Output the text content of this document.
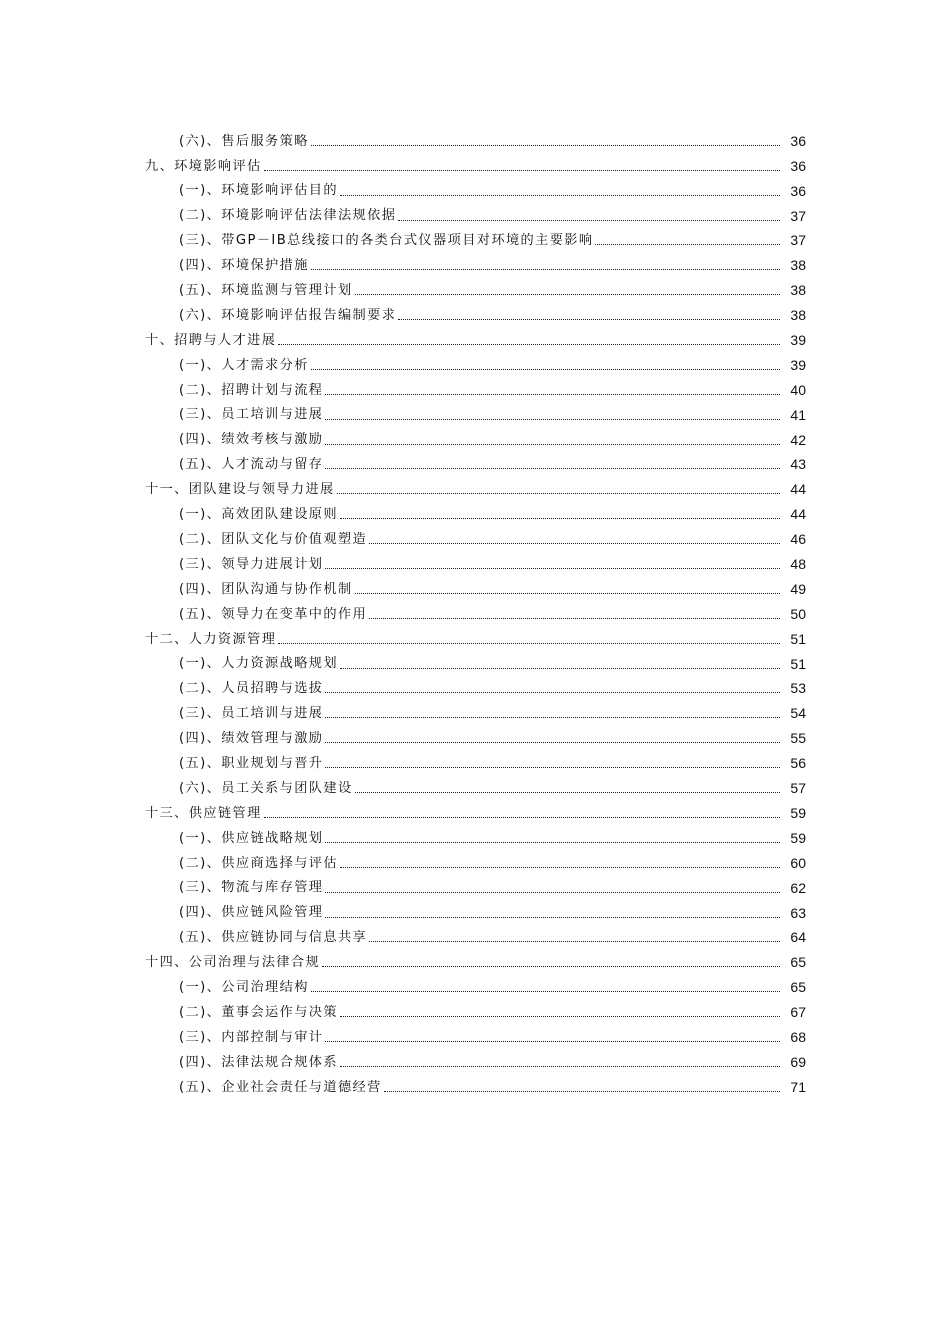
(六)、售后服务策略	36
九、环境影响评估	36
(一)、环境影响评估目的	36
(二)、环境影响评估法律法规依据	37
(三)、带GP－IB总线接口的各类台式仪器项目对环境的主要影响	37
(四)、环境保护措施	38
(五)、环境监测与管理计划	38
(六)、环境影响评估报告编制要求	38
十、招聘与人才进展	39
(一)、人才需求分析	39
(二)、招聘计划与流程	40
(三)、员工培训与进展	41
(四)、绩效考核与激励	42
(五)、人才流动与留存	43
十一、团队建设与领导力进展	44
(一)、高效团队建设原则	44
(二)、团队文化与价值观塑造	46
(三)、领导力进展计划	48
(四)、团队沟通与协作机制	49
(五)、领导力在变革中的作用	50
十二、人力资源管理	51
(一)、人力资源战略规划	51
(二)、人员招聘与选拔	53
(三)、员工培训与进展	54
(四)、绩效管理与激励	55
(五)、职业规划与晋升	56
(六)、员工关系与团队建设	57
十三、供应链管理	59
(一)、供应链战略规划	59
(二)、供应商选择与评估	60
(三)、物流与库存管理	62
(四)、供应链风险管理	63
(五)、供应链协同与信息共享	64
十四、公司治理与法律合规	65
(一)、公司治理结构	65
(二)、董事会运作与决策	67
(三)、内部控制与审计	68
(四)、法律法规合规体系	69
(五)、企业社会责任与道德经营	71
